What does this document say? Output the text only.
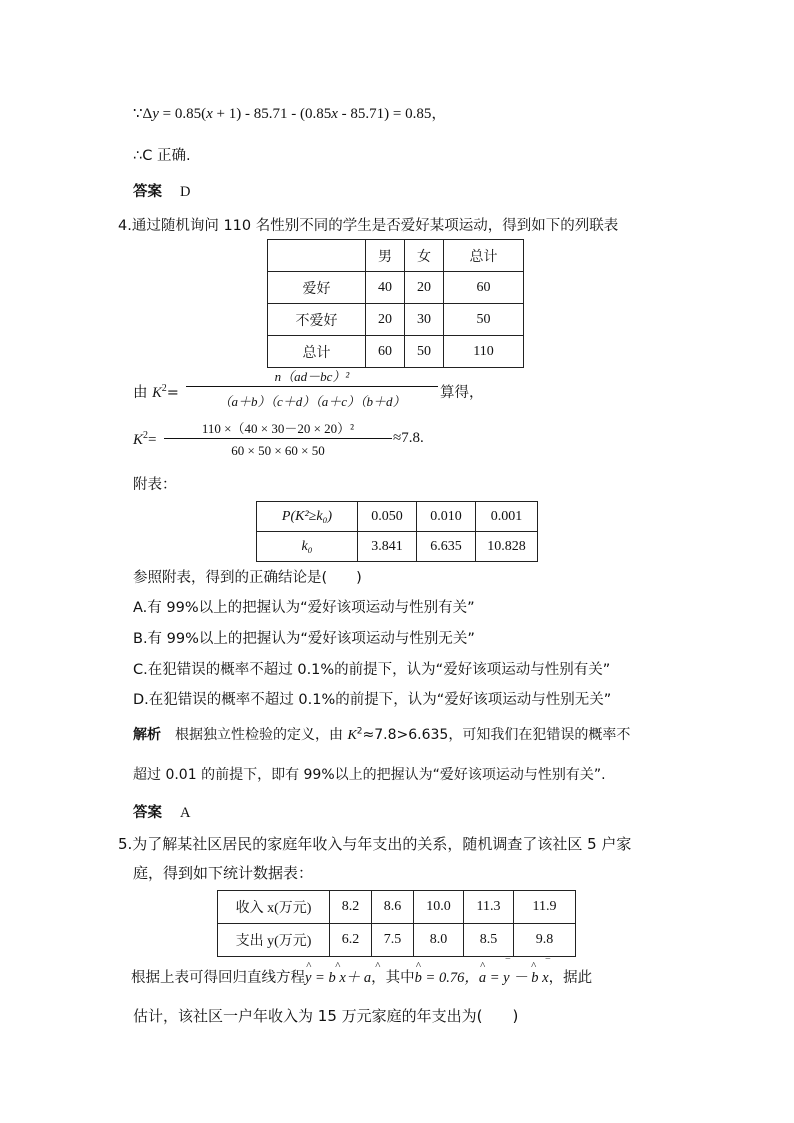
∵Δy = 0.85(x + 1) - 85.71 - (0.85x - 85.71) = 0.85，
∴C 正确.
答案 D
4.通过随机询问 110 名性别不同的学生是否爱好某项运动，得到如下的列联表
	男	女	总计
爱好	40	20	60
不爱好	20	30	50
总计	60	50	110
由 $K^2=$
n（ad－bc）²
（a＋b）（c＋d）（a＋c）（b＋d）
算得，
$K^2=$
110 ×（40 × 30－20 × 20）²
60 × 50 × 60 × 50
≈7.8.
附表：
P(K²≥k₀)	0.050	0.010	0.001
k₀	3.841	6.635	10.828
参照附表，得到的正确结论是(　　)
A.有 99%以上的把握认为“爱好该项运动与性别有关”
B.有 99%以上的把握认为“爱好该项运动与性别无关”
C.在犯错误的概率不超过 0.1%的前提下，认为“爱好该项运动与性别有关”
D.在犯错误的概率不超过 0.1%的前提下，认为“爱好该项运动与性别无关”
解析 根据独立性检验的定义，由 $K^2\approx 7.8>6.635$，可知我们在犯错误的概率不
超过 0.01 的前提下，即有 99%以上的把握认为“爱好该项运动与性别有关”.
答案 A
5.为了解某社区居民的家庭年收入与年支出的关系，随机调查了该社区 5 户家
庭，得到如下统计数据表：
收入 x(万元)	8.2	8.6	10.0	11.3	11.9
支出 y(万元)	6.2	7.5	8.0	8.5	9.8
根据上表可得回归直线方程y = b x＋ a
^ ^	^
，其中b = 0.76，
^
a = y － b x
^ ‾ ^ ‾
，据此
估计，该社区一户年收入为 15 万元家庭的年支出为(　　)
